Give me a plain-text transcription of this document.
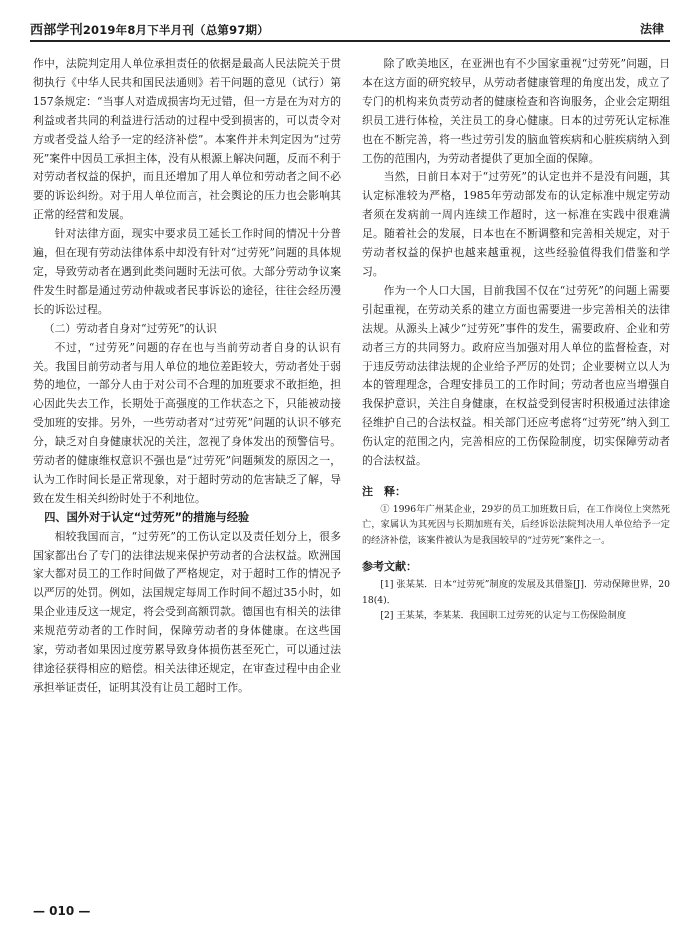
西部学刊2019年8月下半月刊（总第97期）	法律

作中，法院判定用人单位承担责任的依据是最高人民法院关于贯彻执行《中华人民共和国民法通则》若干问题的意见（试行）第157条规定：“当事人对造成损害均无过错，但一方是在为对方的利益或者共同的利益进行活动的过程中受到损害的，可以责令对方或者受益人给予一定的经济补偿”。本案件并未判定因为“过劳死”案件中因员工承担主体，没有从根源上解决问题，反而不利于对劳动者权益的保护，而且还增加了用人单位和劳动者之间不必要的诉讼纠纷。对于用人单位而言，社会舆论的压力也会影响其正常的经营和发展。

针对法律方面，现实中要求员工延长工作时间的情况十分普遍，但在现有劳动法律体系中却没有针对“过劳死”问题的具体规定，导致劳动者在遇到此类问题时无法可依。大部分劳动争议案件发生时都是通过劳动仲裁或者民事诉讼的途径，往往会经历漫长的诉讼过程。

（二）劳动者自身对“过劳死”的认识

不过，“过劳死”问题的存在也与当前劳动者自身的认识有关。我国目前劳动者与用人单位的地位差距较大，劳动者处于弱势的地位，一部分人由于对公司不合理的加班要求不敢拒绝，担心因此失去工作，长期处于高强度的工作状态之下，只能被动接受加班的安排。另外，一些劳动者对“过劳死”问题的认识不够充分，缺乏对自身健康状况的关注，忽视了身体发出的预警信号。劳动者的健康维权意识不强也是“过劳死”问题频发的原因之一，认为工作时间长是正常现象，对于超时劳动的危害缺乏了解，导致在发生相关纠纷时处于不利地位。

四、国外对于认定“过劳死”的措施与经验

相较我国而言，“过劳死”的工伤认定以及责任划分上，很多国家都出台了专门的法律法规来保护劳动者的合法权益。欧洲国家大都对员工的工作时间做了严格规定，对于超时工作的情况予以严厉的处罚。例如，法国规定每周工作时间不超过35小时，如果企业违反这一规定，将会受到高额罚款。德国也有相关的法律来规范劳动者的工作时间，保障劳动者的身体健康。在这些国家，劳动者如果因过度劳累导致身体损伤甚至死亡，可以通过法律途径获得相应的赔偿。相关法律还规定，在审查过程中由企业承担举证责任，证明其没有让员工超时工作。

除了欧美地区，在亚洲也有不少国家重视“过劳死”问题，日本在这方面的研究较早，从劳动者健康管理的角度出发，成立了专门的机构来负责劳动者的健康检查和咨询服务，企业会定期组织员工进行体检，关注员工的身心健康。日本的过劳死认定标准也在不断完善，将一些过劳引发的脑血管疾病和心脏疾病纳入到工伤的范围内，为劳动者提供了更加全面的保障。

当然，日前日本对于“过劳死”的认定也并不是没有问题，其认定标准较为严格，1985年劳动部发布的认定标准中规定劳动者须在发病前一周内连续工作超时，这一标准在实践中很难满足。随着社会的发展，日本也在不断调整和完善相关规定，对于劳动者权益的保护也越来越重视，这些经验值得我们借鉴和学习。

作为一个人口大国，目前我国不仅在“过劳死”的问题上需要引起重视，在劳动关系的建立方面也需要进一步完善相关的法律法规。从源头上减少“过劳死”事件的发生，需要政府、企业和劳动者三方的共同努力。政府应当加强对用人单位的监督检查，对于违反劳动法律法规的企业给予严厉的处罚；企业要树立以人为本的管理理念，合理安排员工的工作时间；劳动者也应当增强自我保护意识，关注自身健康，在权益受到侵害时积极通过法律途径维护自己的合法权益。相关部门还应考虑将“过劳死”纳入到工伤认定的范围之内，完善相应的工伤保险制度，切实保障劳动者的合法权益。

注　释：

① 1996年广州某企业，29岁的员工加班数日后，在工作岗位上突然死亡，家属认为其死因与长期加班有关，后经诉讼法院判决用人单位给予一定的经济补偿，该案件被认为是我国较早的“过劳死”案件之一。

参考文献：

[1] 张某某．日本“过劳死”制度的发展及其借鉴[J]．劳动保障世界，2018(4)．

[2] 王某某，李某某．我国职工过劳死的认定与工伤保险制度

— 010 —
